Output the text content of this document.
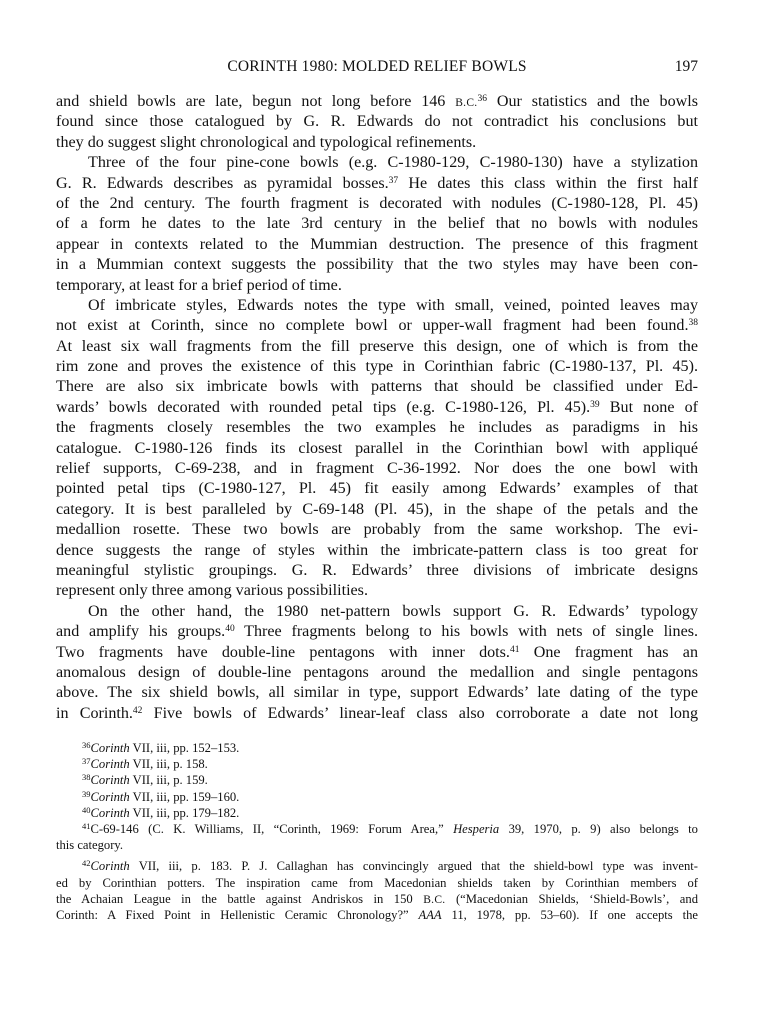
CORINTH 1980: MOLDED RELIEF BOWLS	197
and shield bowls are late, begun not long before 146 B.C.$^{36}$ Our statistics and the bowls
found since those catalogued by G. R. Edwards do not contradict his conclusions but
they do suggest slight chronological and typological refinements.
Three of the four pine-cone bowls (e.g. C-1980-129, C-1980-130) have a stylization
G. R. Edwards describes as pyramidal bosses.$^{37}$ He dates this class within the first half
of the 2nd century. The fourth fragment is decorated with nodules (C-1980-128, Pl. 45)
of a form he dates to the late 3rd century in the belief that no bowls with nodules
appear in contexts related to the Mummian destruction. The presence of this fragment
in a Mummian context suggests the possibility that the two styles may have been con-
temporary, at least for a brief period of time.
Of imbricate styles, Edwards notes the type with small, veined, pointed leaves may
not exist at Corinth, since no complete bowl or upper-wall fragment had been found.$^{38}$
At least six wall fragments from the fill preserve this design, one of which is from the
rim zone and proves the existence of this type in Corinthian fabric (C-1980-137, Pl. 45).
There are also six imbricate bowls with patterns that should be classified under Ed-
wards’ bowls decorated with rounded petal tips (e.g. C-1980-126, Pl. 45).$^{39}$ But none of
the fragments closely resembles the two examples he includes as paradigms in his
catalogue. C-1980-126 finds its closest parallel in the Corinthian bowl with appliqué
relief supports, C-69-238, and in fragment C-36-1992. Nor does the one bowl with
pointed petal tips (C-1980-127, Pl. 45) fit easily among Edwards’ examples of that
category. It is best paralleled by C-69-148 (Pl. 45), in the shape of the petals and the
medallion rosette. These two bowls are probably from the same workshop. The evi-
dence suggests the range of styles within the imbricate-pattern class is too great for
meaningful stylistic groupings. G. R. Edwards’ three divisions of imbricate designs
represent only three among various possibilities.
On the other hand, the 1980 net-pattern bowls support G. R. Edwards’ typology
and amplify his groups.$^{40}$ Three fragments belong to his bowls with nets of single lines.
Two fragments have double-line pentagons with inner dots.$^{41}$ One fragment has an
anomalous design of double-line pentagons around the medallion and single pentagons
above. The six shield bowls, all similar in type, support Edwards’ late dating of the type
in Corinth.$^{42}$ Five bowls of Edwards’ linear-leaf class also corroborate a date not long
$^{36}$Corinth VII, iii, pp. 152–153.
$^{37}$Corinth VII, iii, p. 158.
$^{38}$Corinth VII, iii, p. 159.
$^{39}$Corinth VII, iii, pp. 159–160.
$^{40}$Corinth VII, iii, pp. 179–182.
$^{41}$C-69-146 (C. K. Williams, II, “Corinth, 1969: Forum Area,” Hesperia 39, 1970, p. 9) also belongs to
this category.
$^{42}$Corinth VII, iii, p. 183. P. J. Callaghan has convincingly argued that the shield-bowl type was invent-
ed by Corinthian potters. The inspiration came from Macedonian shields taken by Corinthian members of
the Achaian League in the battle against Andriskos in 150 B.C. (“Macedonian Shields, ‘Shield-Bowls’, and
Corinth: A Fixed Point in Hellenistic Ceramic Chronology?” AAA 11, 1978, pp. 53–60). If one accepts the
